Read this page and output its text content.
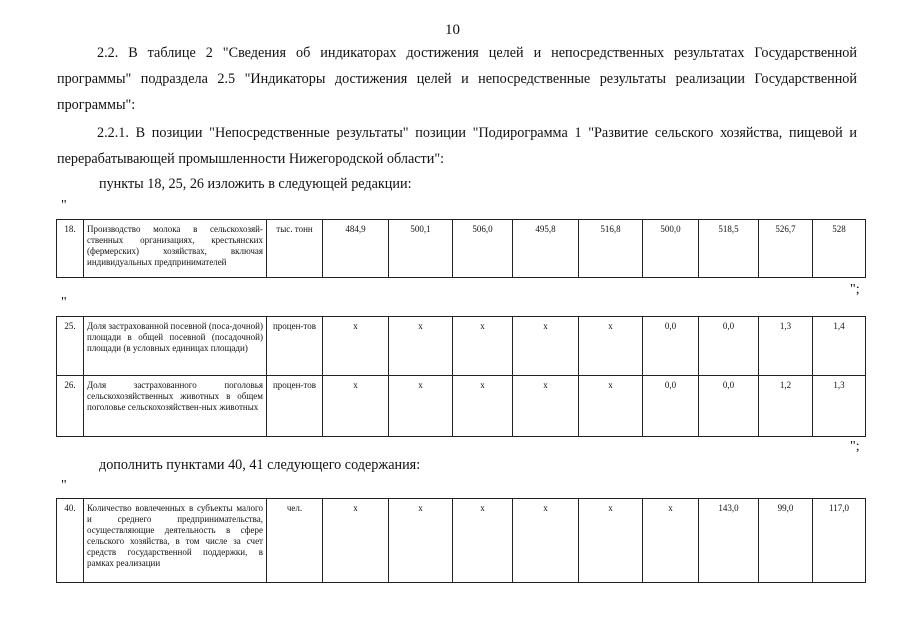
10
2.2. В таблице 2 "Сведения об индикаторах достижения целей и непосредственных результатах Государственной программы" подраздела 2.5 "Индикаторы достижения целей и непосредственные результаты реализации Государственной программы":
2.2.1. В позиции "Непосредственные результаты" позиции "Подирограмма 1 "Развитие сельского хозяйства, пищевой и перерабатывающей промышленности Нижегородской области":
пункты 18, 25, 26 изложить в следующей редакции:
"
18.	Производство молока в сельскохозяй-ственных организациях, крестьянских (фермерских) хозяйствах, включая индивидуальных предпринимателей	тыс. тонн	484,9	500,1	506,0	495,8	516,8	500,0	518,5	526,7	528
";
"
25.	Доля застрахованной посевной (поса-дочной) площади в общей посевной (посадочной) площади (в условных единицах площади)	процен-тов	x	x	x	x	x	0,0	0,0	1,3	1,4
26.	Доля застрахованного поголовья сельскохозяйственных животных в общем поголовье сельскохозяйствен-ных животных	процен-тов	x	x	x	x	x	0,0	0,0	1,2	1,3
";
дополнить пунктами 40, 41 следующего содержания:
"
40.	Количество вовлеченных в субъекты малого и среднего предпринимательства, осуществляющие деятельность в сфере сельского хозяйства, в том числе за счет средств государственной поддержки, в рамках реализации	чел.	x	x	x	x	x	x	143,0	99,0	117,0
